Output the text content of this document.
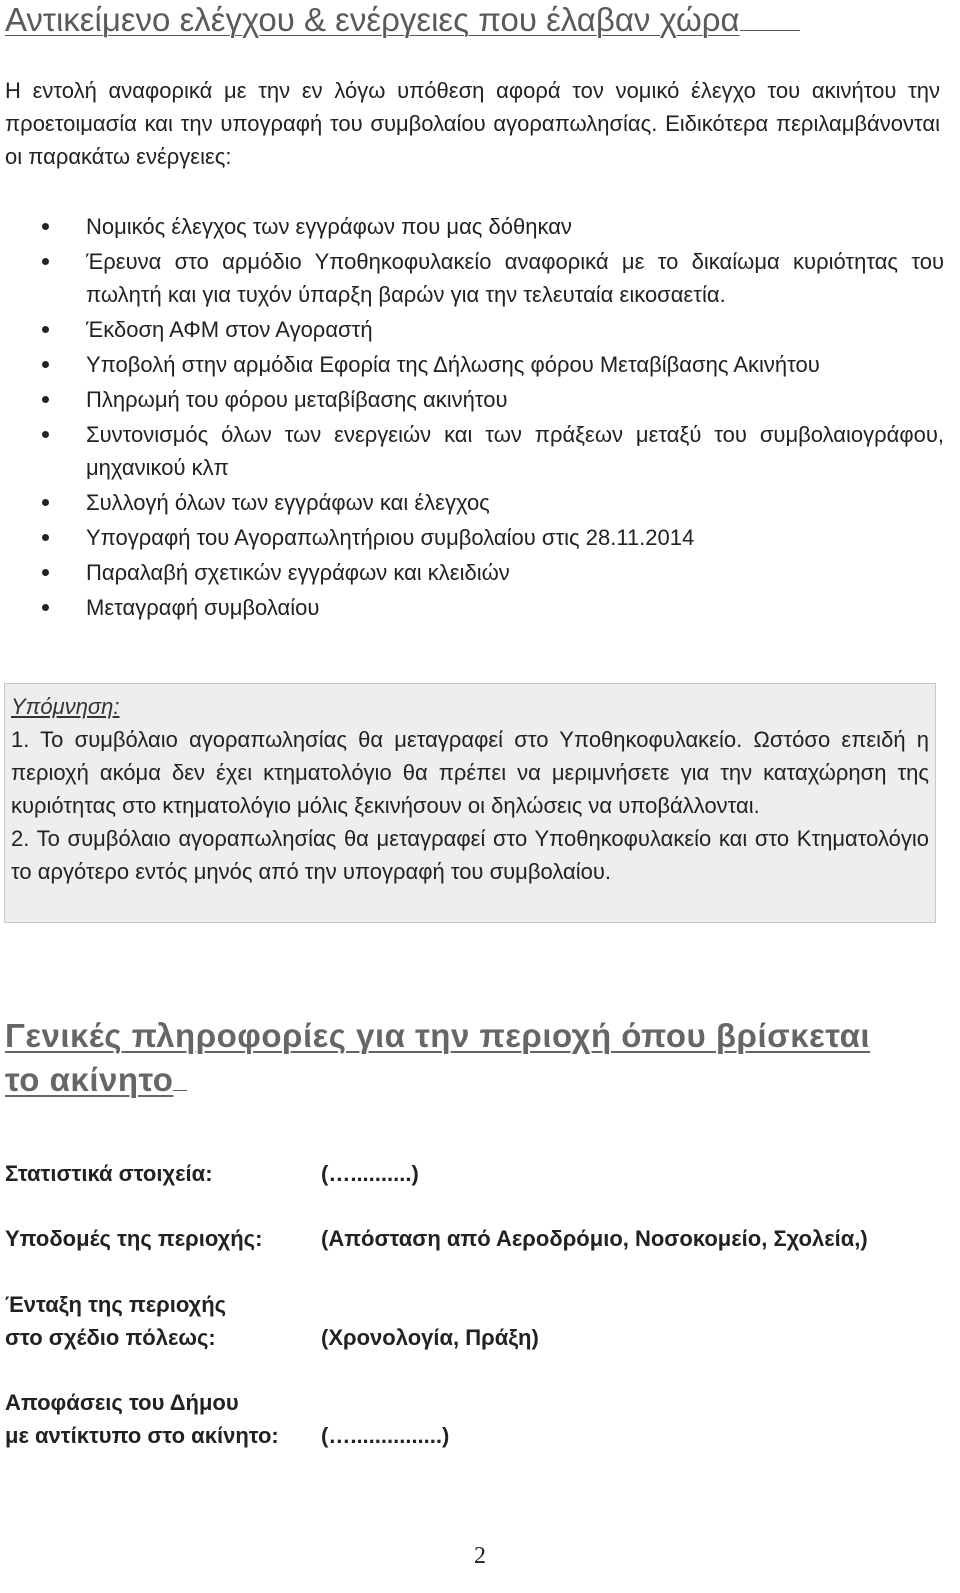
Αντικείμενο ελέγχου & ενέργειες που έλαβαν χώρα

Η εντολή αναφορικά με την εν λόγω υπόθεση αφορά τον νομικό έλεγχο του ακινήτου την προετοιμασία και την υπογραφή του συμβολαίου αγοραπωλησίας. Ειδικότερα περιλαμβάνονται οι παρακάτω ενέργειες:

Νομικός έλεγχος των εγγράφων που μας δόθηκαν
Έρευνα στο αρμόδιο Υποθηκοφυλακείο αναφορικά με το δικαίωμα κυριότητας του πωλητή και για τυχόν ύπαρξη βαρών για την τελευταία εικοσαετία.
Έκδοση ΑΦΜ στον Αγοραστή
Υποβολή στην αρμόδια Εφορία της Δήλωσης φόρου Μεταβίβασης Ακινήτου
Πληρωμή του φόρου μεταβίβασης ακινήτου
Συντονισμός όλων των ενεργειών και των πράξεων μεταξύ του συμβολαιογράφου, μηχανικού κλπ
Συλλογή όλων των εγγράφων και έλεγχος
Υπογραφή του Αγοραπωλητήριου συμβολαίου στις 28.11.2014
Παραλαβή σχετικών εγγράφων και κλειδιών
Μεταγραφή συμβολαίου
Υπόμνηση:

1. Το συμβόλαιο αγοραπωλησίας θα μεταγραφεί στο Υποθηκοφυλακείο. Ωστόσο επειδή η περιοχή ακόμα δεν έχει κτηματολόγιο θα πρέπει να μεριμνήσετε για την καταχώρηση της κυριότητας στο κτηματολόγιο μόλις ξεκινήσουν οι δηλώσεις να υποβάλλονται.

2. Το συμβόλαιο αγοραπωλησίας θα μεταγραφεί στο Υποθηκοφυλακείο και στο Κτηματολόγιο το αργότερο εντός μηνός από την υπογραφή του συμβολαίου.

Γενικές πληροφορίες για την περιοχή όπου βρίσκεται
το ακίνητο
Στατιστικά στοιχεία:	(…..........)
Υποδομές της περιοχής:	(Απόσταση από Αεροδρόμιο, Νοσοκομείο, Σχολεία,)
Ένταξη της περιοχής
στο σχέδιο πόλεως:	(Χρονολογία, Πράξη)
Αποφάσεις του Δήμου
με αντίκτυπο στο ακίνητο: (…...............)
2
